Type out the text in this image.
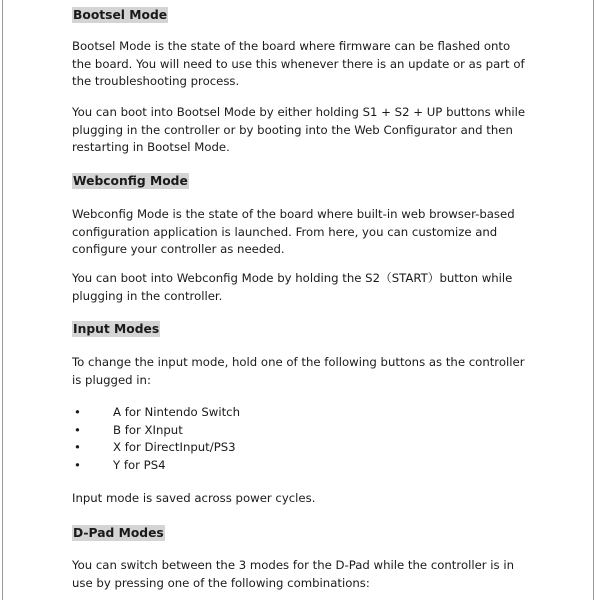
Bootsel Mode

Bootsel Mode is the state of the board where firmware can be flashed onto the board. You will need to use this whenever there is an update or as part of the troubleshooting process.

You can boot into Bootsel Mode by either holding S1 + S2 + UP buttons while plugging in the controller or by booting into the Web Configurator and then restarting in Bootsel Mode.

Webconfig Mode

Webconfig Mode is the state of the board where built-in web browser-based configuration application is launched. From here, you can customize and configure your controller as needed.

You can boot into Webconfig Mode by holding the S2（START）button while plugging in the controller.

Input Modes

To change the input mode, hold one of the following buttons as the controller is plugged in:

•	A for Nintendo Switch
•	B for XInput
•	X for DirectInput/PS3
•	Y for PS4

Input mode is saved across power cycles.

D-Pad Modes

You can switch between the 3 modes for the D-Pad while the controller is in use by pressing one of the following combinations:
